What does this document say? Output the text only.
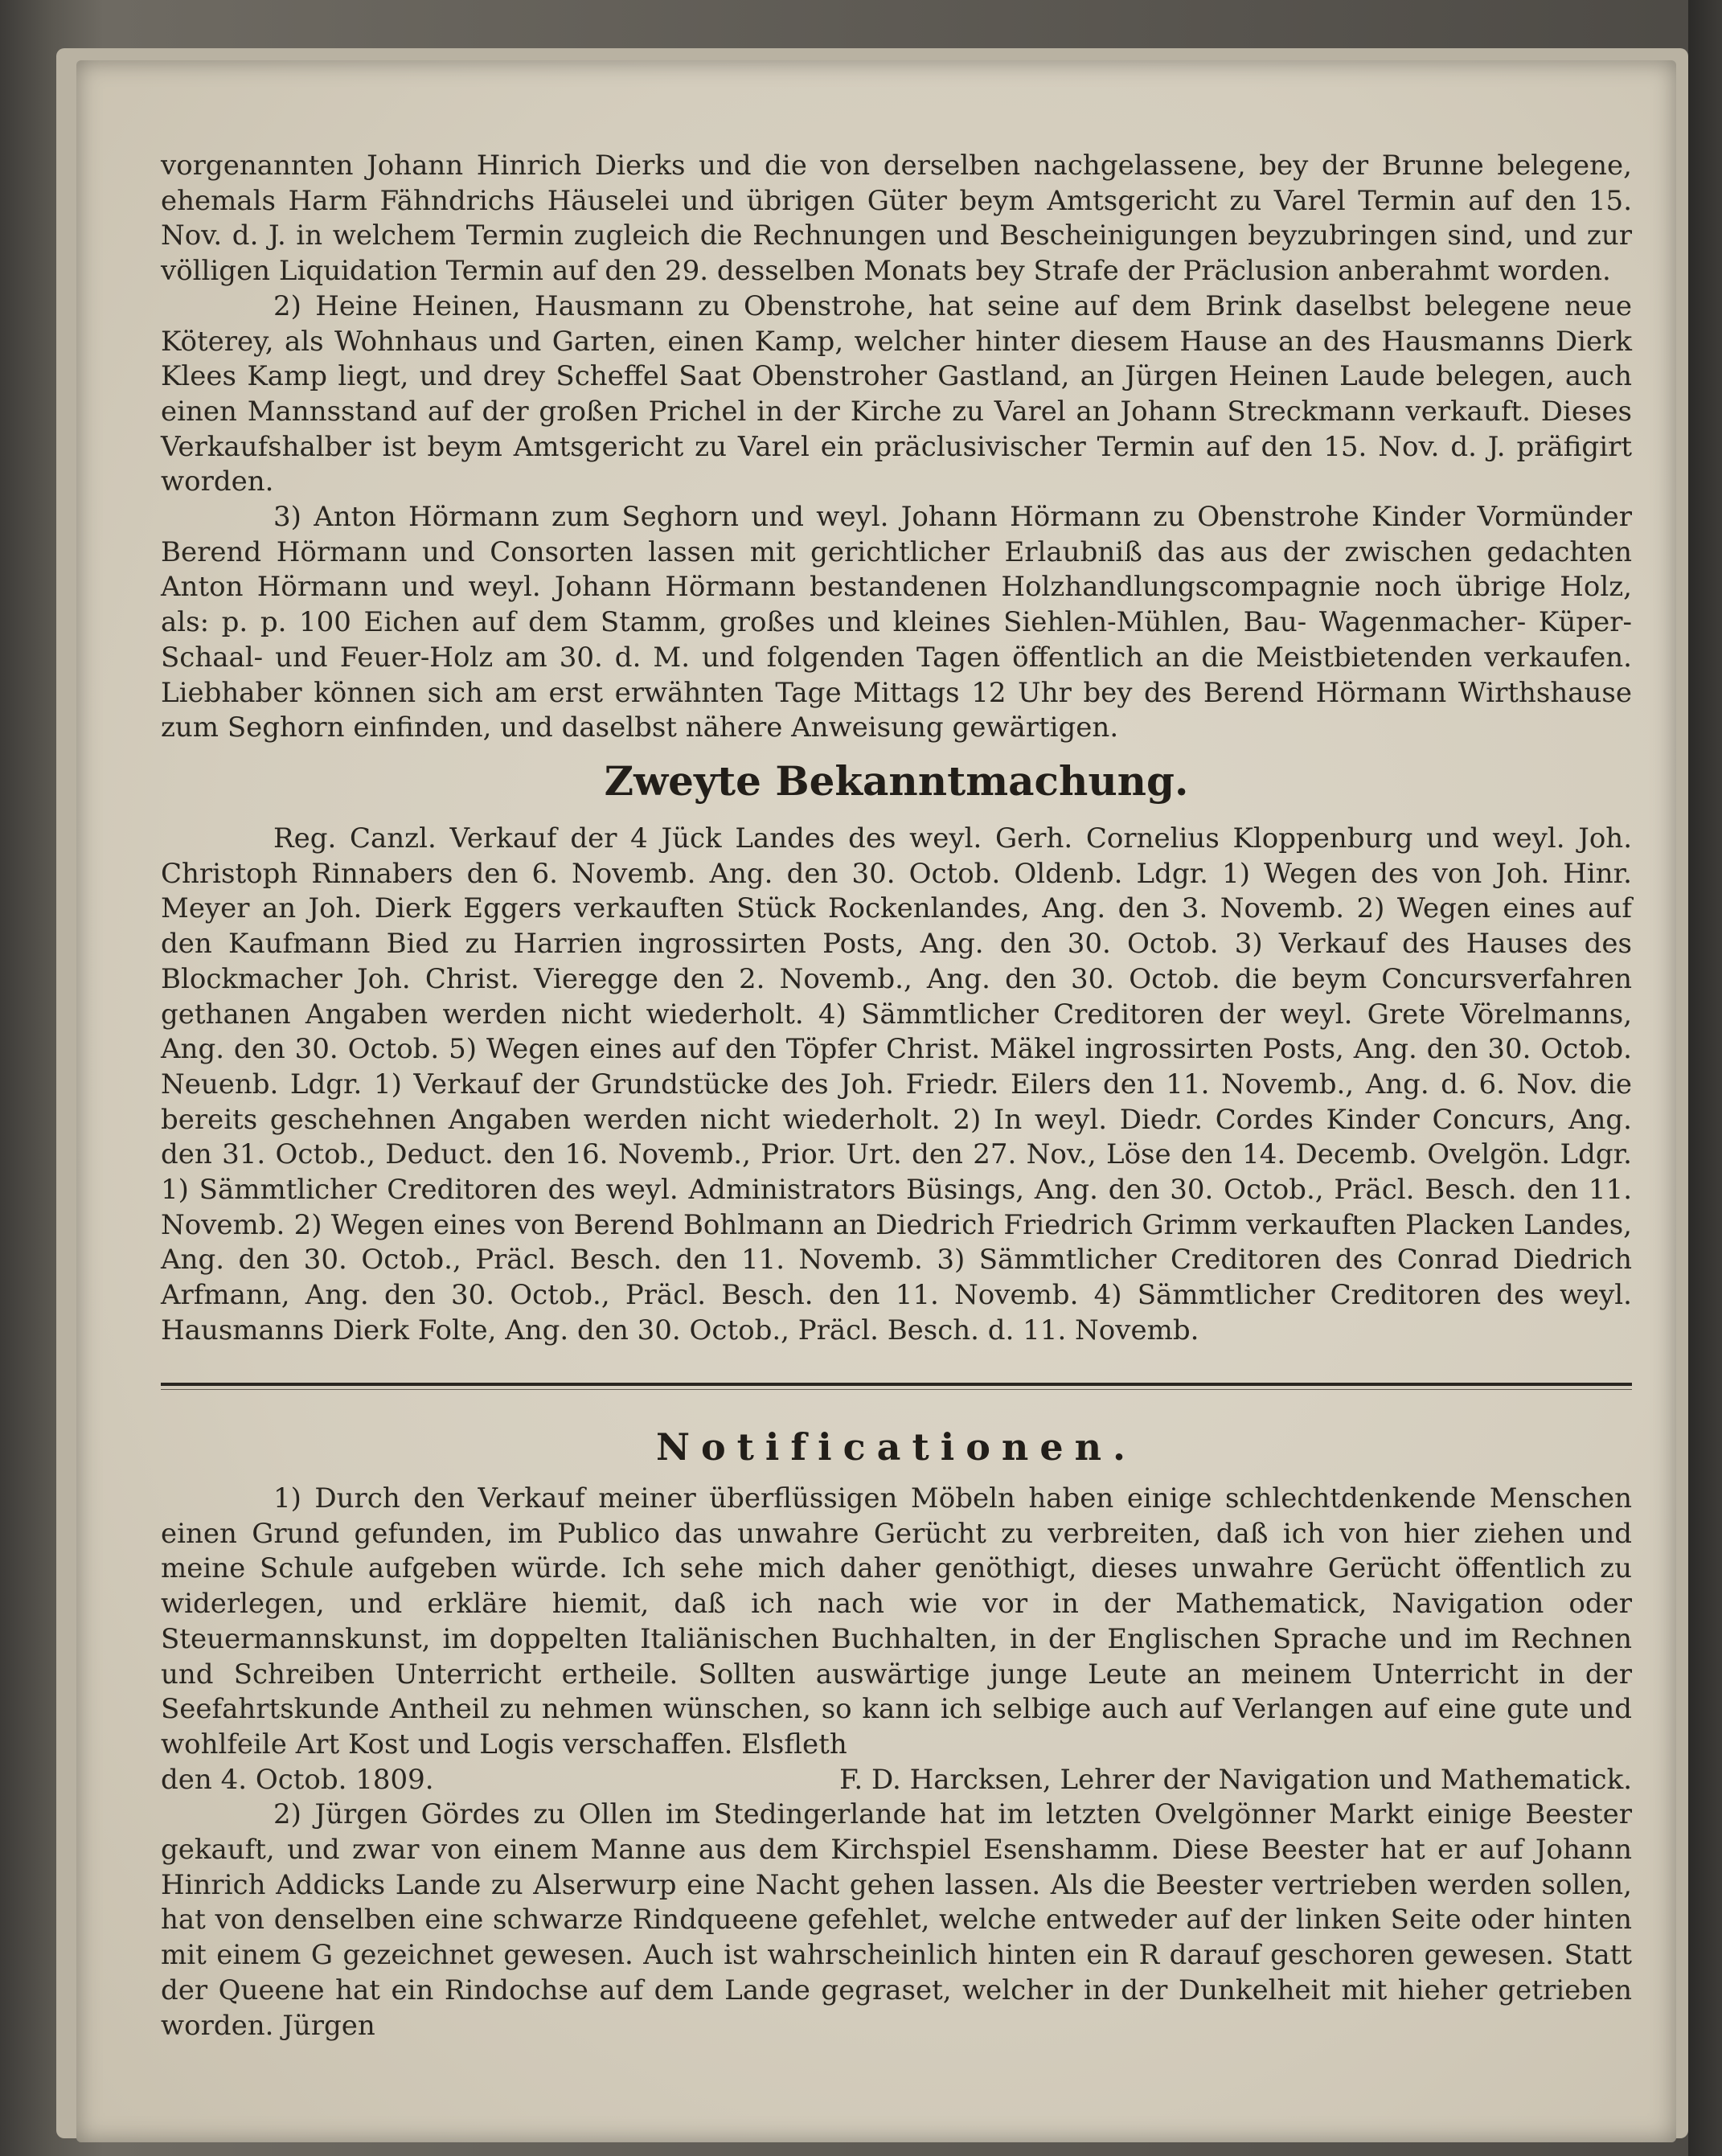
vorgenannten Johann Hinrich Dierks und die von derselben nachgelassene, bey der Brunne belegene, ehemals Harm Fähndrichs Häuselei und übrigen Güter beym Amtsgericht zu Varel Termin auf den 15. Nov. d. J. in welchem Termin zugleich die Rechnungen und Bescheinigungen beyzubringen sind, und zur völligen Liquidation Termin auf den 29. desselben Monats bey Strafe der Präclusion anberahmt worden.

2) Heine Heinen, Hausmann zu Obenstrohe, hat seine auf dem Brink daselbst belegene neue Köterey, als Wohnhaus und Garten, einen Kamp, welcher hinter diesem Hause an des Hausmanns Dierk Klees Kamp liegt, und drey Scheffel Saat Obenstroher Gastland, an Jürgen Heinen Laude belegen, auch einen Mannsstand auf der großen Prichel in der Kirche zu Varel an Johann Streckmann verkauft. Dieses Verkaufshalber ist beym Amtsgericht zu Varel ein präclusivischer Termin auf den 15. Nov. d. J. präfigirt worden.

3) Anton Hörmann zum Seghorn und weyl. Johann Hörmann zu Obenstrohe Kinder Vormünder Berend Hörmann und Consorten lassen mit gerichtlicher Erlaubniß das aus der zwischen gedachten Anton Hörmann und weyl. Johann Hörmann bestandenen Holzhandlungscompagnie noch übrige Holz, als: p. p. 100 Eichen auf dem Stamm, großes und kleines Siehlen-Mühlen, Bau- Wagenmacher- Küper- Schaal- und Feuer-Holz am 30. d. M. und folgenden Tagen öffentlich an die Meistbietenden verkaufen. Liebhaber können sich am erst erwähnten Tage Mittags 12 Uhr bey des Berend Hörmann Wirthshause zum Seghorn einfinden, und daselbst nähere Anweisung gewärtigen.

Zweyte Bekanntmachung.

Reg. Canzl. Verkauf der 4 Jück Landes des weyl. Gerh. Cornelius Kloppenburg und weyl. Joh. Christoph Rinnabers den 6. Novemb. Ang. den 30. Octob. Oldenb. Ldgr. 1) Wegen des von Joh. Hinr. Meyer an Joh. Dierk Eggers verkauften Stück Rockenlandes, Ang. den 3. Novemb. 2) Wegen eines auf den Kaufmann Bied zu Harrien ingrossirten Posts, Ang. den 30. Octob. 3) Verkauf des Hauses des Blockmacher Joh. Christ. Vieregge den 2. Novemb., Ang. den 30. Octob. die beym Concursverfahren gethanen Angaben werden nicht wiederholt. 4) Sämmtlicher Creditoren der weyl. Grete Vörelmanns, Ang. den 30. Octob. 5) Wegen eines auf den Töpfer Christ. Mäkel ingrossirten Posts, Ang. den 30. Octob. Neuenb. Ldgr. 1) Verkauf der Grundstücke des Joh. Friedr. Eilers den 11. Novemb., Ang. d. 6. Nov. die bereits geschehnen Angaben werden nicht wiederholt. 2) In weyl. Diedr. Cordes Kinder Concurs, Ang. den 31. Octob., Deduct. den 16. Novemb., Prior. Urt. den 27. Nov., Löse den 14. Decemb. Ovelgön. Ldgr. 1) Sämmtlicher Creditoren des weyl. Administrators Büsings, Ang. den 30. Octob., Präcl. Besch. den 11. Novemb. 2) Wegen eines von Berend Bohlmann an Diedrich Friedrich Grimm verkauften Placken Landes, Ang. den 30. Octob., Präcl. Besch. den 11. Novemb. 3) Sämmtlicher Creditoren des Conrad Diedrich Arfmann, Ang. den 30. Octob., Präcl. Besch. den 11. Novemb. 4) Sämmtlicher Creditoren des weyl. Hausmanns Dierk Folte, Ang. den 30. Octob., Präcl. Besch. d. 11. Novemb.

Notificationen.

1) Durch den Verkauf meiner überflüssigen Möbeln haben einige schlechtdenkende Menschen einen Grund gefunden, im Publico das unwahre Gerücht zu verbreiten, daß ich von hier ziehen und meine Schule aufgeben würde. Ich sehe mich daher genöthigt, dieses unwahre Gerücht öffentlich zu widerlegen, und erkläre hiemit, daß ich nach wie vor in der Mathematick, Navigation oder Steuermannskunst, im doppelten Italiänischen Buchhalten, in der Englischen Sprache und im Rechnen und Schreiben Unterricht ertheile. Sollten auswärtige junge Leute an meinem Unterricht in der Seefahrtskunde Antheil zu nehmen wünschen, so kann ich selbige auch auf Verlangen auf eine gute und wohlfeile Art Kost und Logis verschaffen. Elsfleth

den 4. Octob. 1809.	F. D. Harcksen, Lehrer der Navigation und Mathematick.

2) Jürgen Gördes zu Ollen im Stedingerlande hat im letzten Ovelgönner Markt einige Beester gekauft, und zwar von einem Manne aus dem Kirchspiel Esenshamm. Diese Beester hat er auf Johann Hinrich Addicks Lande zu Alserwurp eine Nacht gehen lassen. Als die Beester vertrieben werden sollen, hat von denselben eine schwarze Rindqueene gefehlet, welche entweder auf der linken Seite oder hinten mit einem G gezeichnet gewesen. Auch ist wahrscheinlich hinten ein R darauf geschoren gewesen. Statt der Queene hat ein Rindochse auf dem Lande gegraset, welcher in der Dunkelheit mit hieher getrieben worden. Jürgen
